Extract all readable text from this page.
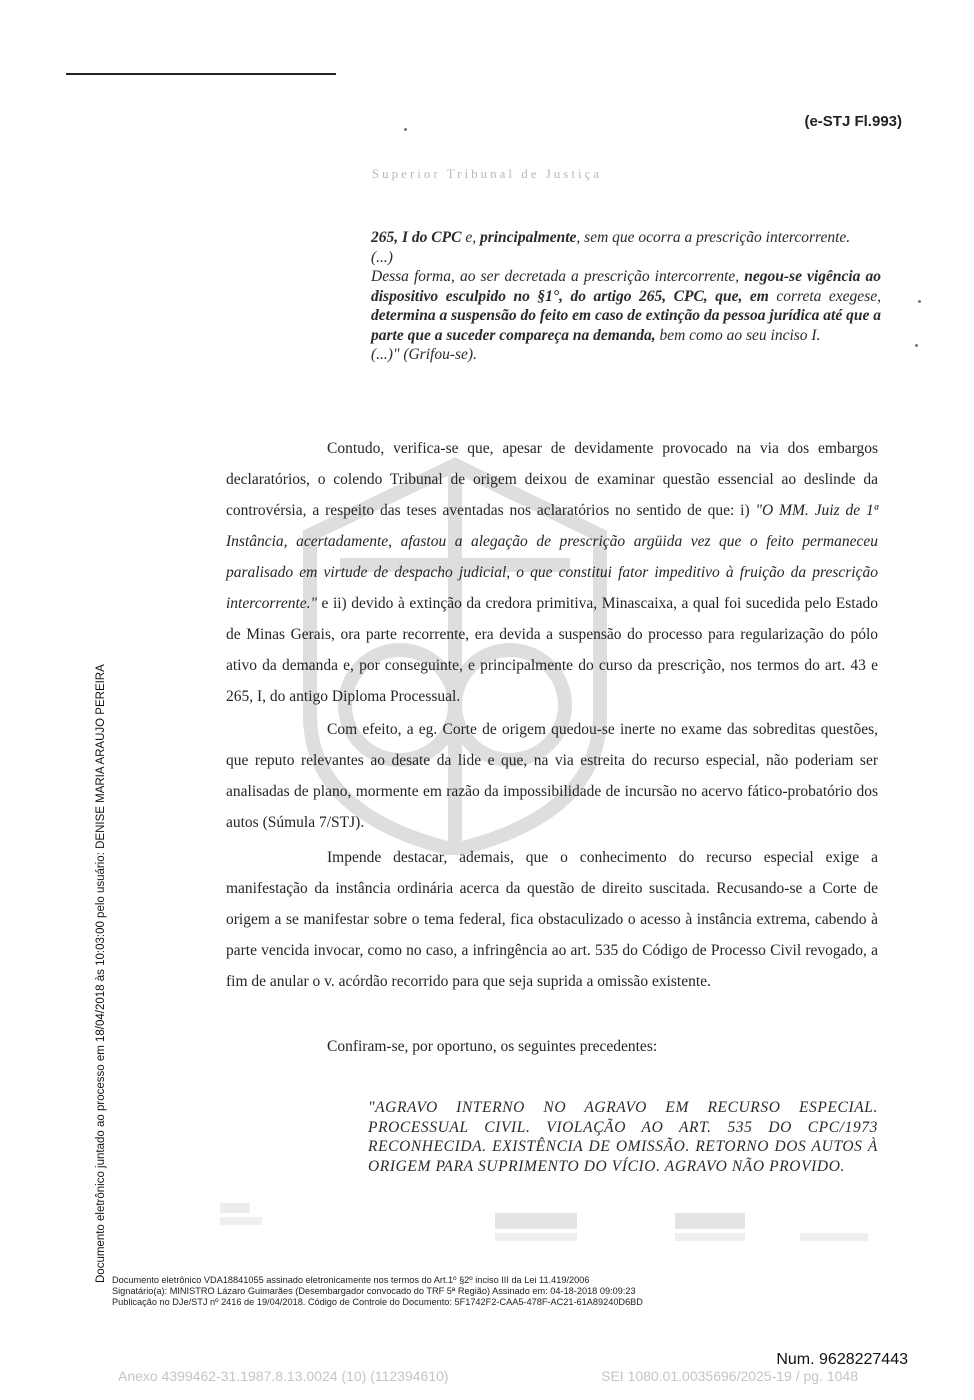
(e-STJ Fl.993)
Superior Tribunal de Justiça

265, I do CPC e, principalmente, sem que ocorra a prescrição intercorrente.

(...)

Dessa forma, ao ser decretada a prescrição intercorrente, negou-se vigência ao dispositivo esculpido no §1°, do artigo 265, CPC, que, em correta exegese, determina a suspensão do feito em caso de extinção da pessoa jurídica até que a parte que a suceder compareça na demanda, bem como ao seu inciso I.

(...)" (Grifou-se).

Contudo, verifica-se que, apesar de devidamente provocado na via dos embargos declaratórios, o colendo Tribunal de origem deixou de examinar questão essencial ao deslinde da controvérsia, a respeito das teses aventadas nos aclaratórios no sentido de que: i) "O MM. Juiz de 1ª Instância, acertadamente, afastou a alegação de prescrição argüida vez que o feito permaneceu paralisado em virtude de despacho judicial, o que constitui fator impeditivo à fruição da prescrição intercorrente." e ii) devido à extinção da credora primitiva, Minascaixa, a qual foi sucedida pelo Estado de Minas Gerais, ora parte recorrente, era devida a suspensão do processo para regularização do pólo ativo da demanda e, por conseguinte, e principalmente do curso da prescrição, nos termos do art. 43 e 265, I, do antigo Diploma Processual.

Com efeito, a eg. Corte de origem quedou-se inerte no exame das sobreditas questões, que reputo relevantes ao desate da lide e que, na via estreita do recurso especial, não poderiam ser analisadas de plano, mormente em razão da impossibilidade de incursão no acervo fático-probatório dos autos (Súmula 7/STJ).

Impende destacar, ademais, que o conhecimento do recurso especial exige a manifestação da instância ordinária acerca da questão de direito suscitada. Recusando-se a Corte de origem a se manifestar sobre o tema federal, fica obstaculizado o acesso à instância extrema, cabendo à parte vencida invocar, como no caso, a infringência ao art. 535 do Código de Processo Civil revogado, a fim de anular o v. acórdão recorrido para que seja suprida a omissão existente.

Confiram-se, por oportuno, os seguintes precedentes:

"AGRAVO INTERNO NO AGRAVO EM RECURSO ESPECIAL. PROCESSUAL CIVIL. VIOLAÇÃO AO ART. 535 DO CPC/1973 RECONHECIDA. EXISTÊNCIA DE OMISSÃO. RETORNO DOS AUTOS À ORIGEM PARA SUPRIMENTO DO VÍCIO. AGRAVO NÃO PROVIDO.
Documento eletrônico juntado ao processo em 18/04/2018 às 10:03:00 pelo usuário: DENISE MARIA ARAUJO PEREIRA Documento eletrônico VDA18841055 assinado eletronicamente nos termos do Art.1º §2º inciso III da Lei 11.419/2006
Signatário(a): MINISTRO Lázaro Guimarães (Desembargador convocado do TRF 5ª Região) Assinado em: 04-18-2018 09:09:23
Publicação no DJe/STJ nº 2416 de 19/04/2018. Código de Controle do Documento: 5F1742F2-CAA5-478F-AC21-61A89240D6BD
Num. 9628227443
Anexo 4399462-31.1987.8.13.0024 (10) (112394610)	SEI 1080.01.0035696/2025-19 / pg. 1048
